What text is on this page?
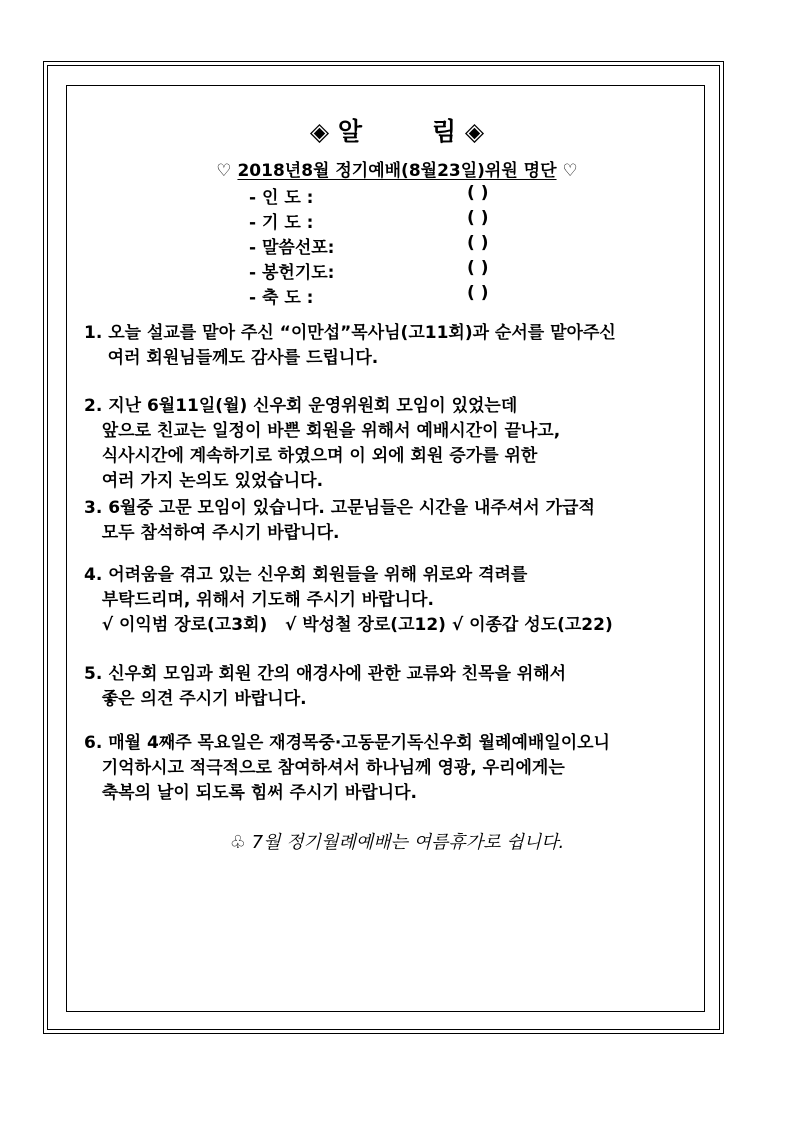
◈ 알	림 ◈
♡ 2018년8월 정기예배(8월23일)위원 명단 ♡
- 인 도 :	( )
- 기 도 :	( )
- 말씀선포:	( )
- 봉헌기도:	( )
- 축 도 :	( )
1. 오늘 설교를 맡아 주신 “이만섭”목사님(고11회)과 순서를 맡아주신
여러 회원님들께도 감사를 드립니다.
2. 지난 6월11일(월) 신우회 운영위원회 모임이 있었는데
앞으로 친교는 일정이 바쁜 회원을 위해서 예배시간이 끝나고,
식사시간에 계속하기로 하였으며 이 외에 회원 증가를 위한
여러 가지 논의도 있었습니다.
3. 6월중 고문 모임이 있습니다. 고문님들은 시간을 내주셔서 가급적
모두 참석하여 주시기 바랍니다.
4. 어려움을 겪고 있는 신우회 회원들을 위해 위로와 격려를
부탁드리며, 위해서 기도해 주시기 바랍니다.
√ 이익범 장로(고3회)   √ 박성철 장로(고12) √ 이종갑 성도(고22)
5. 신우회 모임과 회원 간의 애경사에 관한 교류와 친목을 위해서
좋은 의견 주시기 바랍니다.
6. 매월 4째주 목요일은 재경목중·고동문기독신우회 월례예배일이오니
기억하시고 적극적으로 참여하셔서 하나님께 영광, 우리에게는
축복의 날이 되도록 힘써 주시기 바랍니다.
♧ 7월 정기월례예배는 여름휴가로 쉽니다.
